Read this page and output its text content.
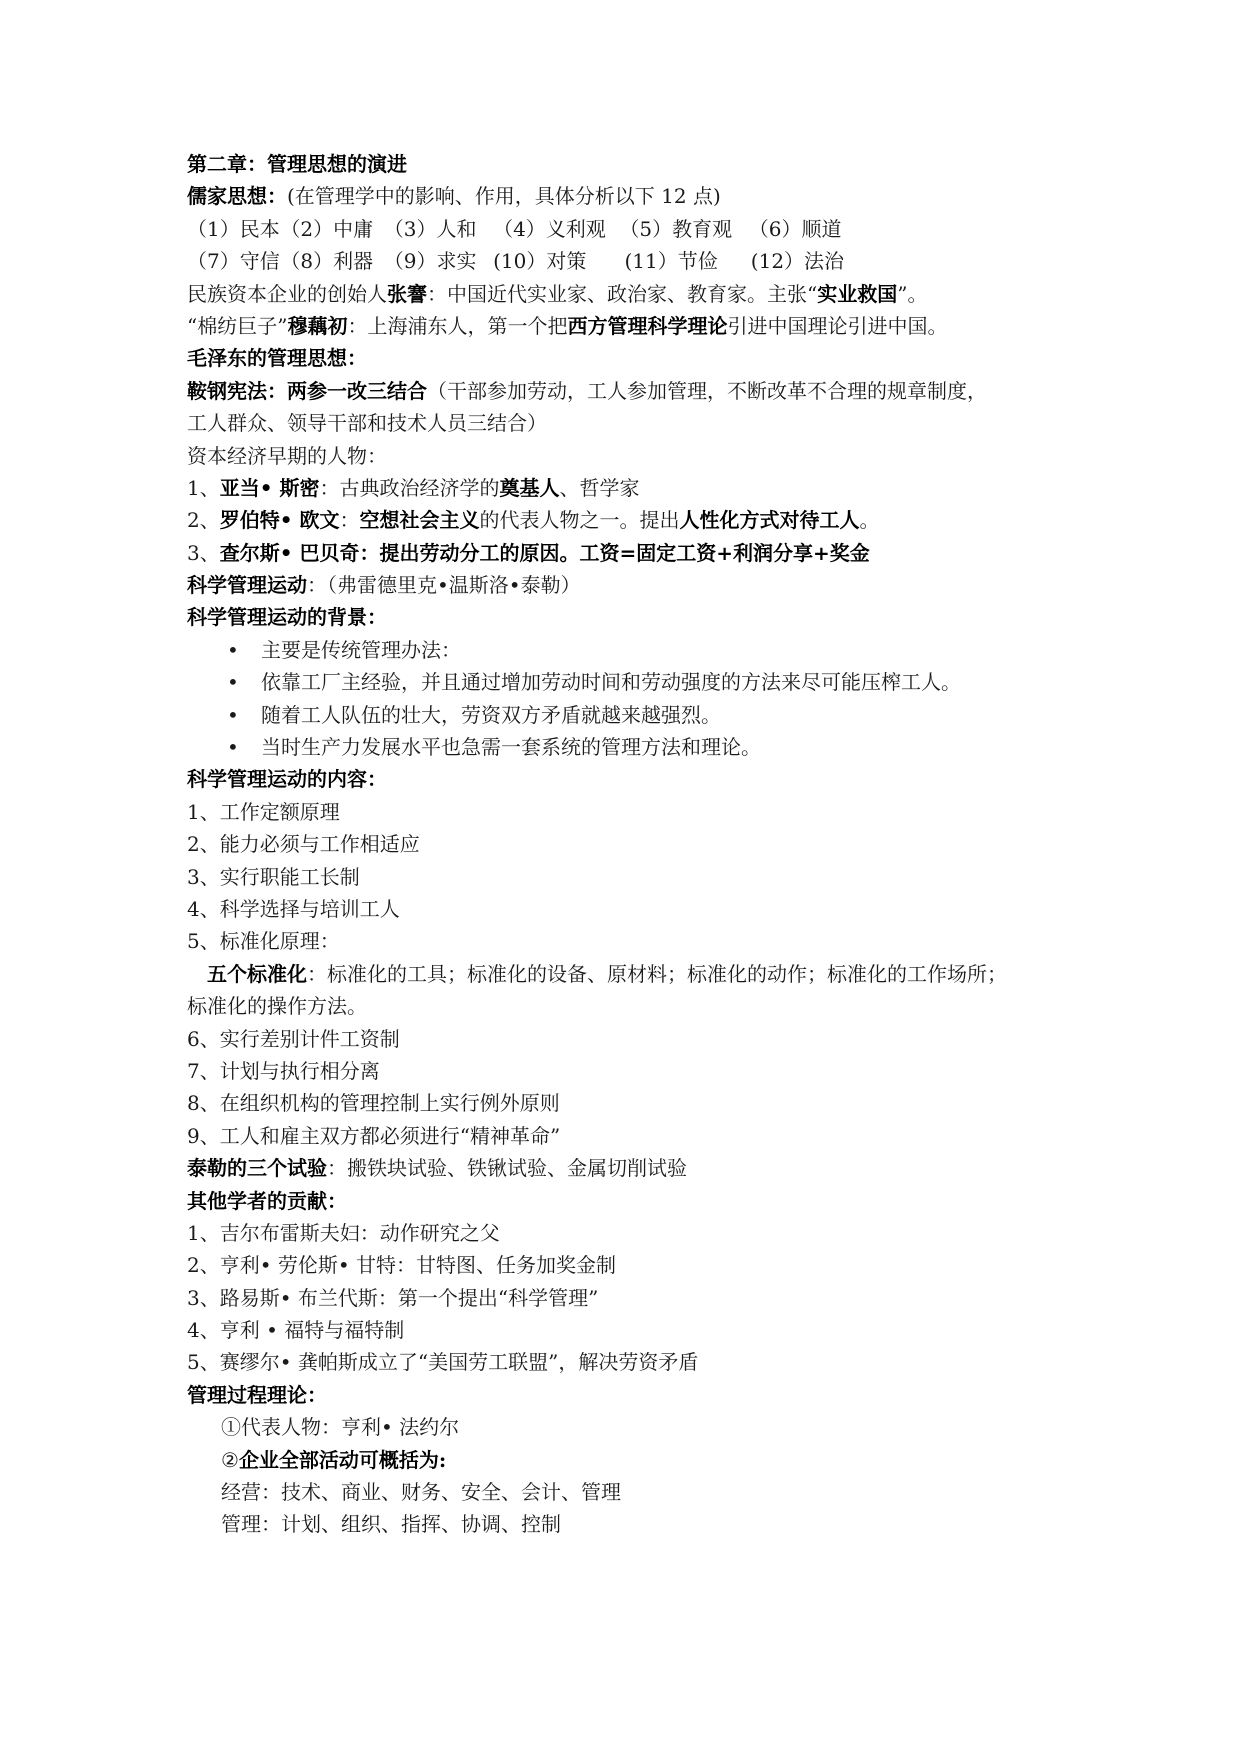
第二章：管理思想的演进
儒家思想：(在管理学中的影响、作用，具体分析以下 12 点)
（1）民本 （2）中庸 （3）人和 （4）义利观 （5）教育观 （6）顺道
（7）守信 （8）利器 （9）求实 (10）对策 (11）节俭 (12）法治
民族资本企业的创始人张謇：中国近代实业家、政治家、教育家。主张“实业救国”。
“棉纺巨子”穆藕初：上海浦东人，第一个把西方管理科学理论引进中国理论引进中国。
毛泽东的管理思想：
鞍钢宪法：两参一改三结合（干部参加劳动，工人参加管理，不断改革不合理的规章制度，
工人群众、领导干部和技术人员三结合）
资本经济早期的人物：
1、亚当• 斯密：古典政治经济学的奠基人、哲学家
2、罗伯特• 欧文：空想社会主义的代表人物之一。提出人性化方式对待工人。
3、查尔斯• 巴贝奇：提出劳动分工的原因。工资=固定工资+利润分享+奖金
科学管理运动：（弗雷德里克•温斯洛•泰勒）
科学管理运动的背景：
• 主要是传统管理办法：
• 依靠工厂主经验，并且通过增加劳动时间和劳动强度的方法来尽可能压榨工人。
• 随着工人队伍的壮大，劳资双方矛盾就越来越强烈。
• 当时生产力发展水平也急需一套系统的管理方法和理论。
科学管理运动的内容：
1、工作定额原理
2、能力必须与工作相适应
3、实行职能工长制
4、科学选择与培训工人
5、标准化原理：
五个标准化：标准化的工具；标准化的设备、原材料；标准化的动作；标准化的工作场所；
标准化的操作方法。
6、实行差别计件工资制
7、计划与执行相分离
8、在组织机构的管理控制上实行例外原则
9、工人和雇主双方都必须进行“精神革命”
泰勒的三个试验：搬铁块试验、铁锹试验、金属切削试验
其他学者的贡献：
1、吉尔布雷斯夫妇：动作研究之父
2、亨利• 劳伦斯• 甘特：甘特图、任务加奖金制
3、路易斯• 布兰代斯：第一个提出“科学管理”
4、亨利 • 福特与福特制
5、赛缪尔• 龚帕斯成立了“美国劳工联盟”，解决劳资矛盾
管理过程理论：
①代表人物：亨利• 法约尔
②企业全部活动可概括为:
经营：技术、商业、财务、安全、会计、管理
管理：计划、组织、指挥、协调、控制
